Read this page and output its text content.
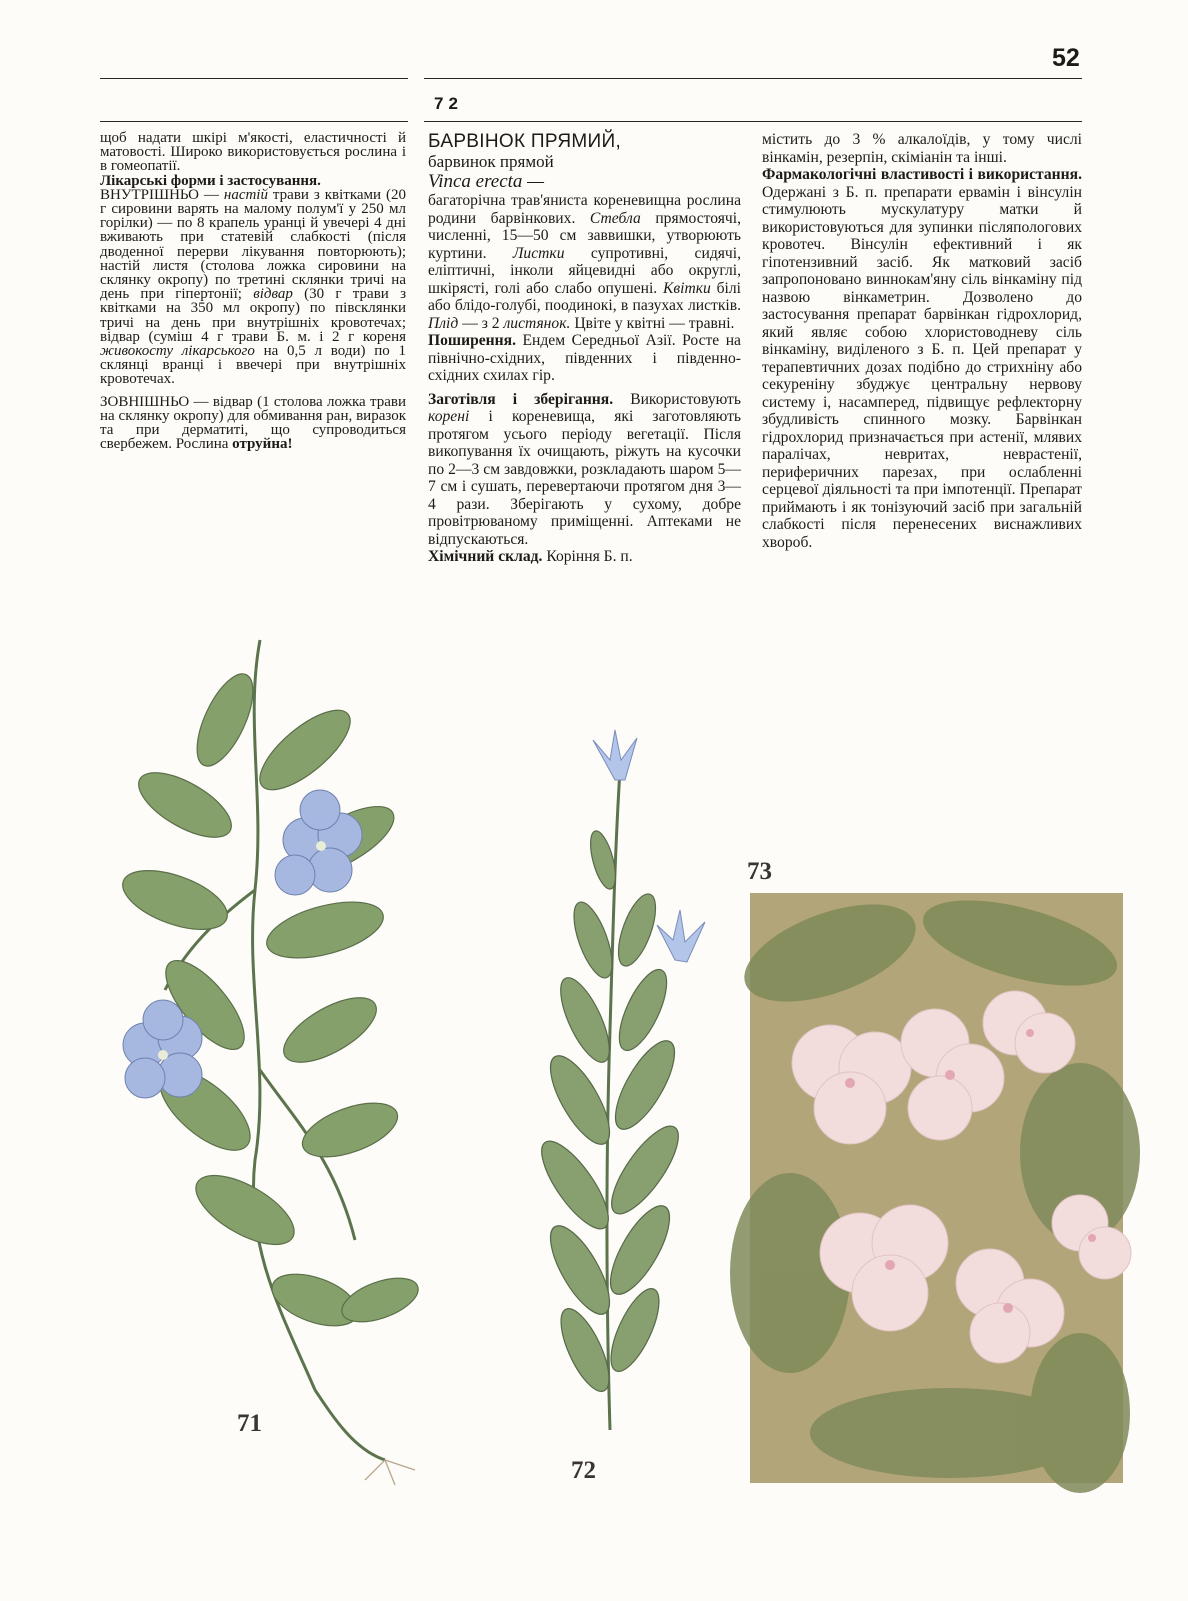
52
72

щоб надати шкірі м'якості, еластичності й матовості. Широко використовується рослина і в гомеопатії.

Лікарські форми і застосування.
ВНУТРІШНЬО — настій трави з квітками (20 г сировини варять на малому полум'ї у 250 мл горілки) — по 8 крапель уранці й увечері 4 дні вживають при статевій слабкості (після дводенної перерви лікування повторюють); настій листя (столова ложка сировини на склянку окропу) по третині склянки тричі на день при гіпертонії; відвар (30 г трави з квітками на 350 мл окропу) по півсклянки тричі на день при внутрішніх кровотечах; відвар (суміш 4 г трави Б. м. і 2 г кореня живокосту лікарського на 0,5 л води) по 1 склянці вранці і ввечері при внутрішніх кровотечах.

ЗОВНІШНЬО — відвар (1 столова ложка трави на склянку окропу) для обмивання ран, виразок та при дерматиті, що супроводиться свербежем. Рослина отруйна!

БАРВІНОК ПРЯМИЙ,

барвинок прямой

Vinca erecta —

багаторічна трав'яниста кореневищна рослина родини барвінкових. Стебла прямостоячі, численні, 15—50 см заввишки, утворюють куртини. Листки супротивні, сидячі, еліптичні, інколи яйцевидні або округлі, шкірясті, голі або слабо опушені. Квітки білі або блідо-голубі, поодинокі, в пазухах листків. Плід — з 2 листянок. Цвіте у квітні — травні.

Поширення. Ендем Середньої Азії. Росте на північно-східних, південних і південно-східних схилах гір.

Заготівля і зберігання. Використовують корені і кореневища, які заготовляють протягом усього періоду вегетації. Після викопування їх очищають, ріжуть на кусочки по 2—3 см завдовжки, розкладають шаром 5—7 см і сушать, перевертаючи протягом дня 3—4 рази. Зберігають у сухому, добре провітрюваному приміщенні. Аптеками не відпускаються.

Хімічний склад. Коріння Б. п.

містить до 3 % алкалоїдів, у тому числі вінкамін, резерпін, скіміанін та інші.

Фармакологічні властивості і використання. Одержані з Б. п. препарати ервамін і вінсулін стимулюють мускулатуру матки й використовуються для зупинки післяпологових кровотеч. Вінсулін ефективний і як гіпотензивний засіб. Як матковий засіб запропоновано виннокам'яну сіль вінкаміну під назвою вінкаметрин. Дозволено до застосування препарат барвінкан гідрохлорид, який являє собою хлористоводневу сіль вінкаміну, виділеного з Б. п. Цей препарат у терапевтичних дозах подібно до стрихніну або секуреніну збуджує центральну нервову систему і, насамперед, підвищує рефлекторну збудливість спинного мозку. Барвінкан гідрохлорид призначається при астенії, млявих паралічах, невритах, неврастенії, периферичних парезах, при ослабленні серцевої діяльності та при імпотенції. Препарат приймають і як тонізуючий засіб при загальній слабкості після перенесених виснажливих хвороб.

71
72
73
